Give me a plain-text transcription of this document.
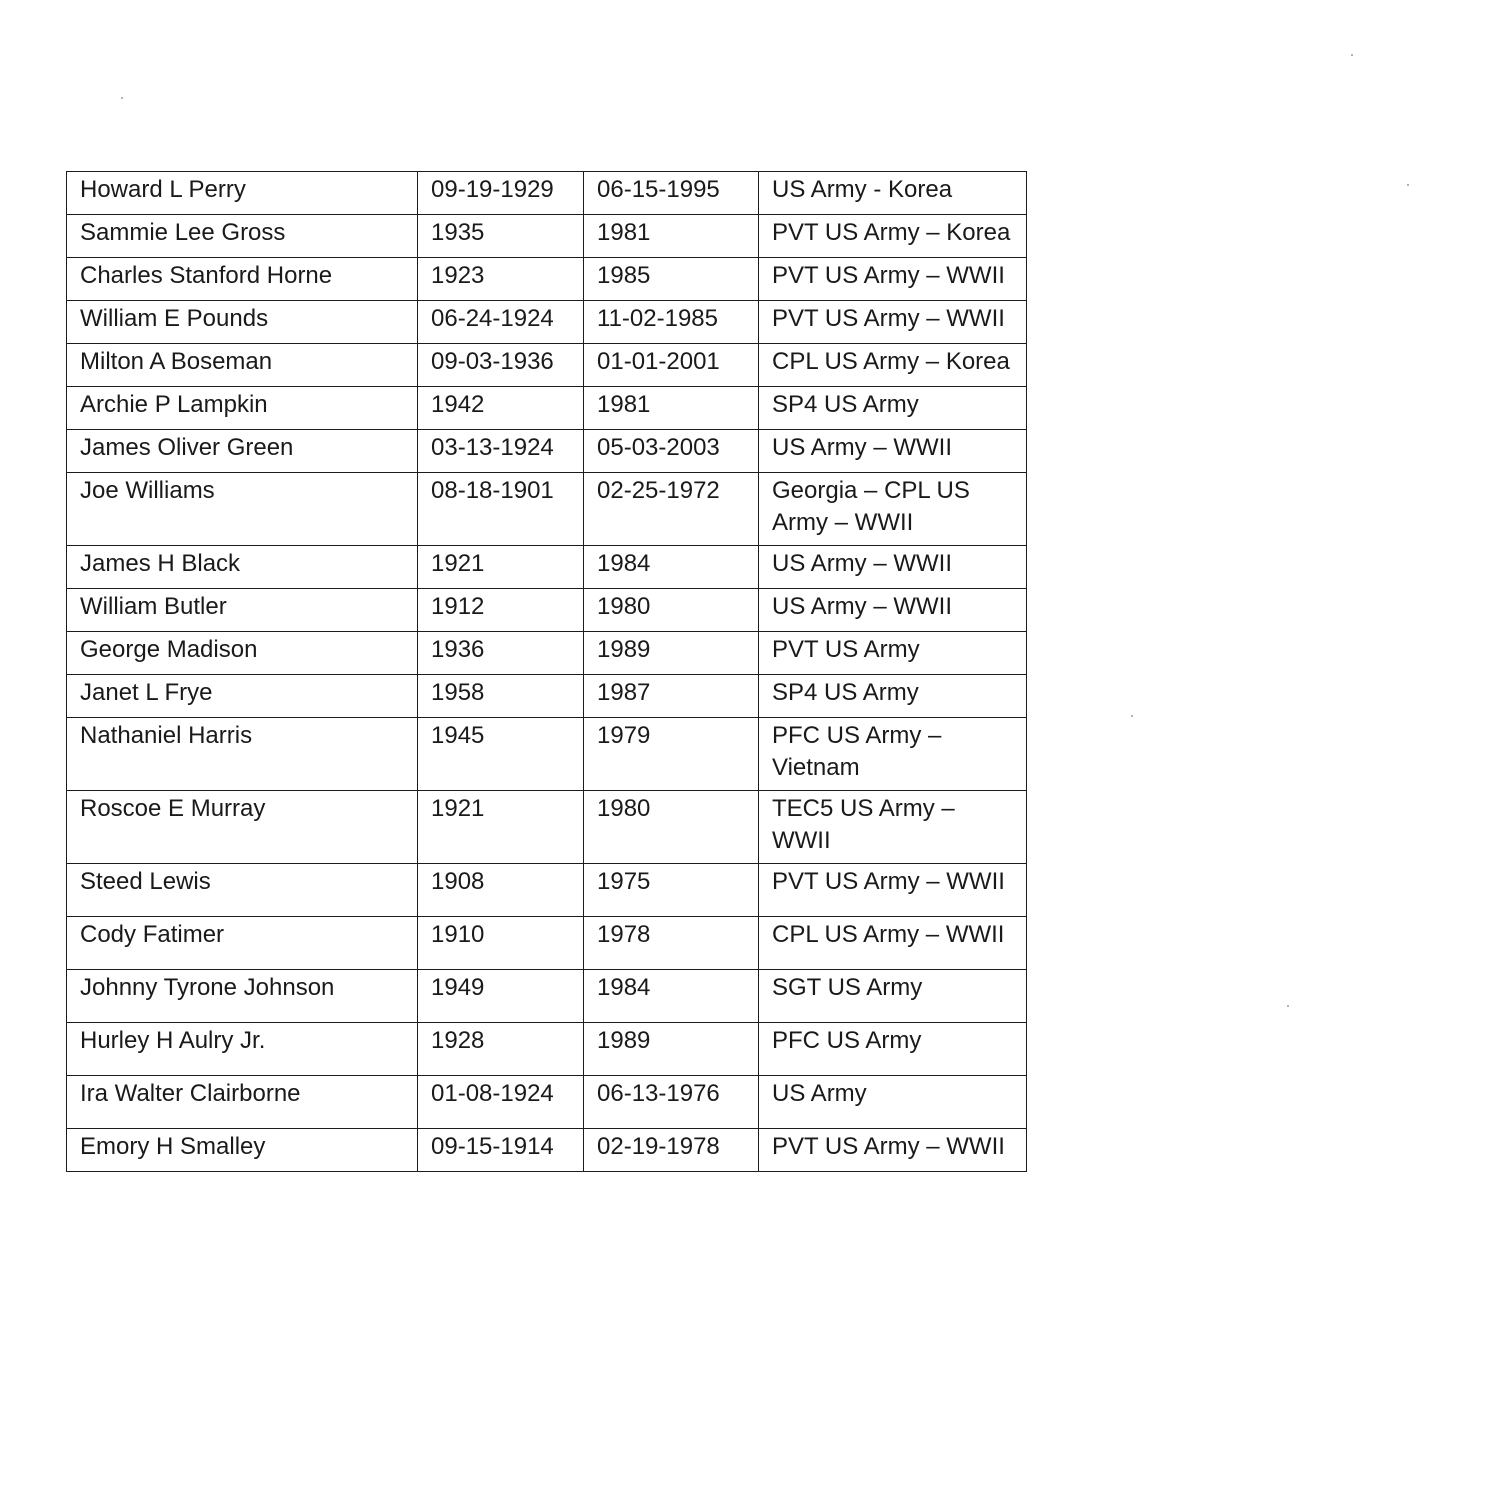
Howard L Perry	09-19-1929	06-15-1995	US Army - Korea
Sammie Lee Gross	1935	1981	PVT US Army – Korea
Charles Stanford Horne	1923	1985	PVT US Army – WWII
William E Pounds	06-24-1924	11-02-1985	PVT US Army – WWII
Milton A Boseman	09-03-1936	01-01-2001	CPL US Army – Korea
Archie P Lampkin	1942	1981	SP4 US Army
James Oliver Green	03-13-1924	05-03-2003	US Army – WWII
Joe Williams	08-18-1901	02-25-1972	Georgia – CPL US Army – WWII
James H Black	1921	1984	US Army – WWII
William Butler	1912	1980	US Army – WWII
George Madison	1936	1989	PVT US Army
Janet L Frye	1958	1987	SP4 US Army
Nathaniel Harris	1945	1979	PFC US Army – Vietnam
Roscoe E Murray	1921	1980	TEC5 US Army – WWII
Steed Lewis	1908	1975	PVT US Army – WWII
Cody Fatimer	1910	1978	CPL US Army – WWII
Johnny Tyrone Johnson	1949	1984	SGT US Army
Hurley H Aulry Jr.	1928	1989	PFC US Army
Ira Walter Clairborne	01-08-1924	06-13-1976	US Army
Emory H Smalley	09-15-1914	02-19-1978	PVT US Army – WWII
